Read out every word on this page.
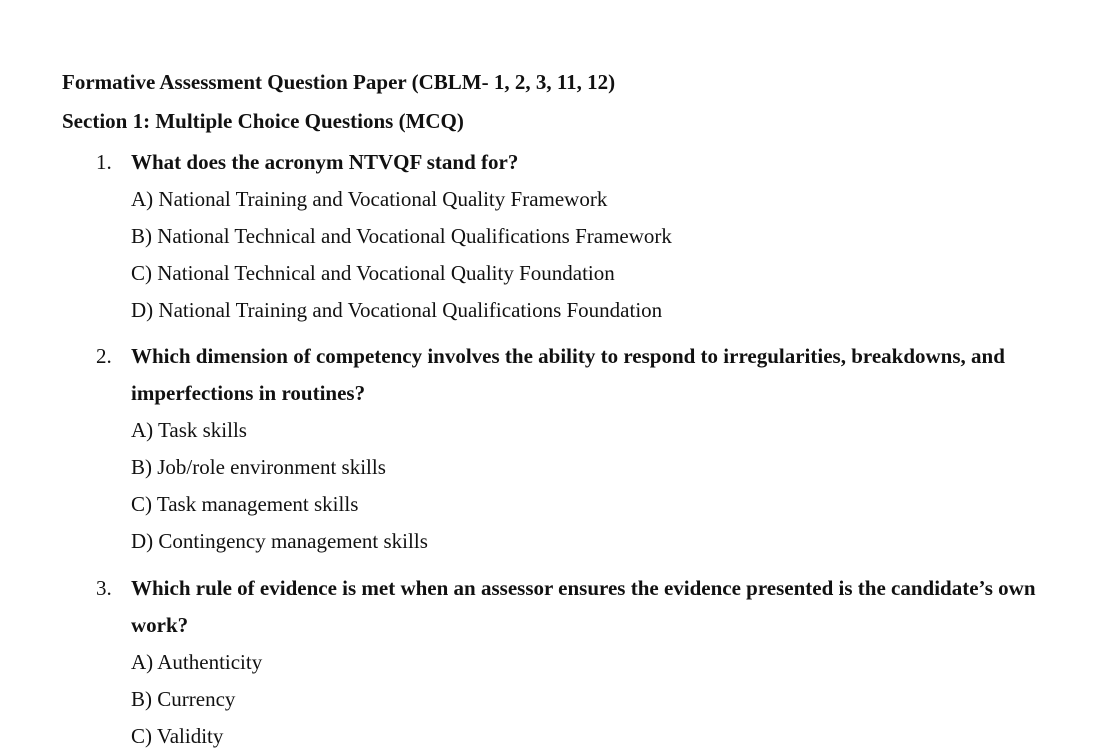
Formative Assessment Question Paper (CBLM- 1, 2, 3, 11, 12)
Section 1: Multiple Choice Questions (MCQ)
1. What does the acronym NTVQF stand for?
A) National Training and Vocational Quality Framework
B) National Technical and Vocational Qualifications Framework
C) National Technical and Vocational Quality Foundation
D) National Training and Vocational Qualifications Foundation
2. Which dimension of competency involves the ability to respond to irregularities, breakdowns, and imperfections in routines?
A) Task skills
B) Job/role environment skills
C) Task management skills
D) Contingency management skills
3. Which rule of evidence is met when an assessor ensures the evidence presented is the candidate’s own work?
A) Authenticity
B) Currency
C) Validity
